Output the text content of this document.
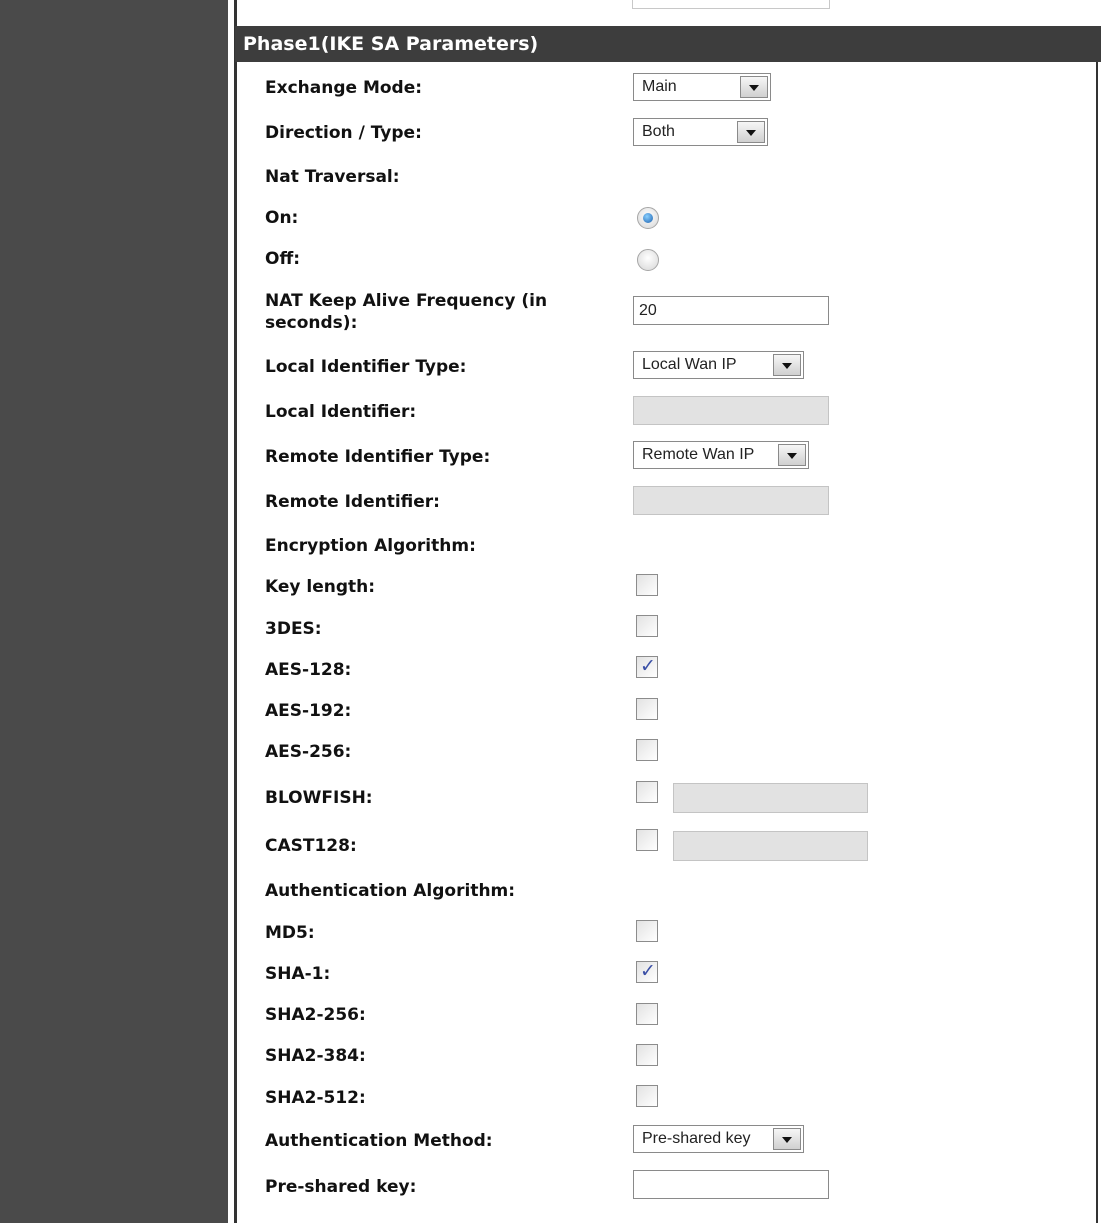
Phase1(IKE SA Parameters)
Exchange Mode:	Main
Direction / Type:	Both
Nat Traversal:
On:
Off:
NAT Keep Alive Frequency (in seconds):
20
Local Identifier Type:	Local Wan IP
Local Identifier:
Remote Identifier Type:	Remote Wan IP
Remote Identifier:
Encryption Algorithm:
Key length:
3DES:
AES-128:
✓
AES-192:
AES-256:
BLOWFISH:
CAST128:
Authentication Algorithm:
MD5:
SHA-1:
✓
SHA2-256:
SHA2-384:
SHA2-512:
Authentication Method:	Pre-shared key
Pre-shared key:
